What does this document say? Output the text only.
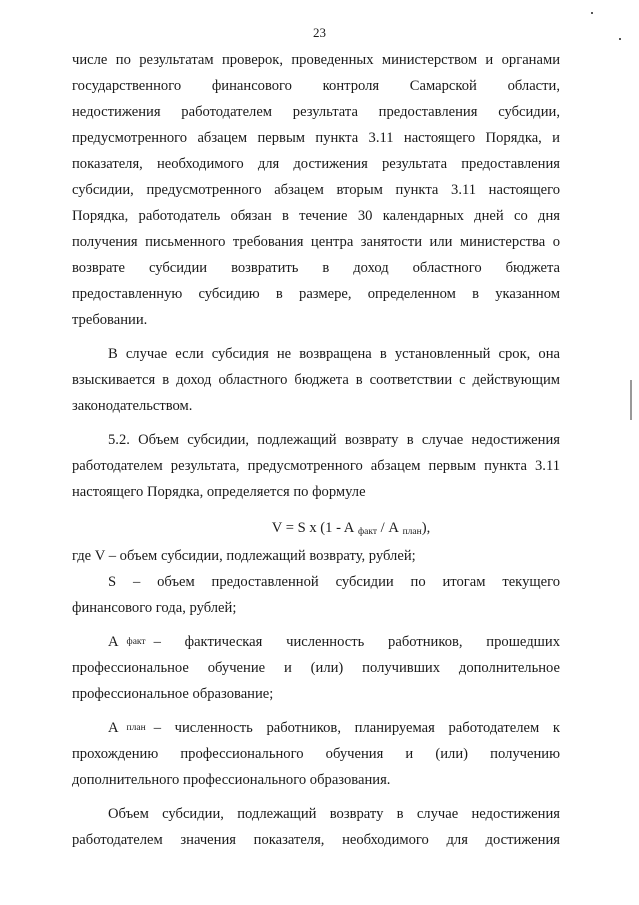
23
числе по результатам проверок, проведенных министерством и органами
государственного финансового контроля Самарской области,
недостижения работодателем результата предоставления субсидии,
предусмотренного абзацем первым пункта 3.11 настоящего Порядка, и
показателя, необходимого для достижения результата предоставления
субсидии, предусмотренного абзацем вторым пункта 3.11 настоящего
Порядка, работодатель обязан в течение 30 календарных дней со дня
получения письменного требования центра занятости или министерства о
возврате субсидии возвратить в доход областного бюджета
предоставленную субсидию в размере, определенном в указанном
требовании.
В случае если субсидия не возвращена в установленный срок, она
взыскивается в доход областного бюджета в соответствии с действующим
законодательством.
5.2. Объем субсидии, подлежащий возврату в случае недостижения
работодателем результата, предусмотренного абзацем первым пункта 3.11
настоящего Порядка, определяется по формуле
V = S x (1 - A $_{факт}$ / A $_{план}$),
где V – объем субсидии, подлежащий возврату, рублей;
S – объем предоставленной субсидии по итогам текущего
финансового года, рублей;
A факт – фактическая численность работников, прошедших
профессиональное обучение и (или) получивших дополнительное
профессиональное образование;
A план – численность работников, планируемая работодателем к
прохождению профессионального обучения и (или) получению
дополнительного профессионального образования.
Объем субсидии, подлежащий возврату в случае недостижения
работодателем значения показателя, необходимого для достижения
